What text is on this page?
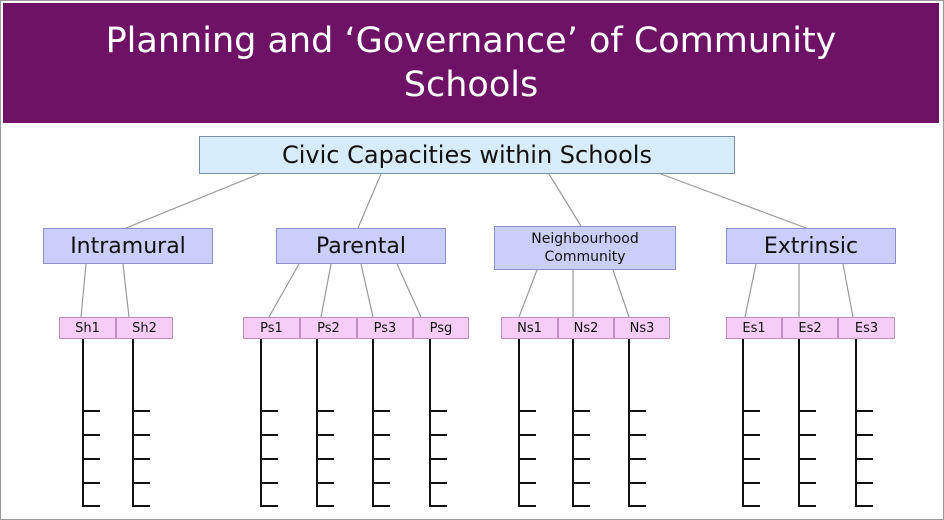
Planning and ‘Governance’ of Community
Schools
Civic Capacities within Schools
Intramural	Parental	Neighbourhood Community	Extrinsic
Sh1	Sh2	Ps1	Ps2	Ps3	Psg	Ns1	Ns2	Ns3	Es1	Es2	Es3
